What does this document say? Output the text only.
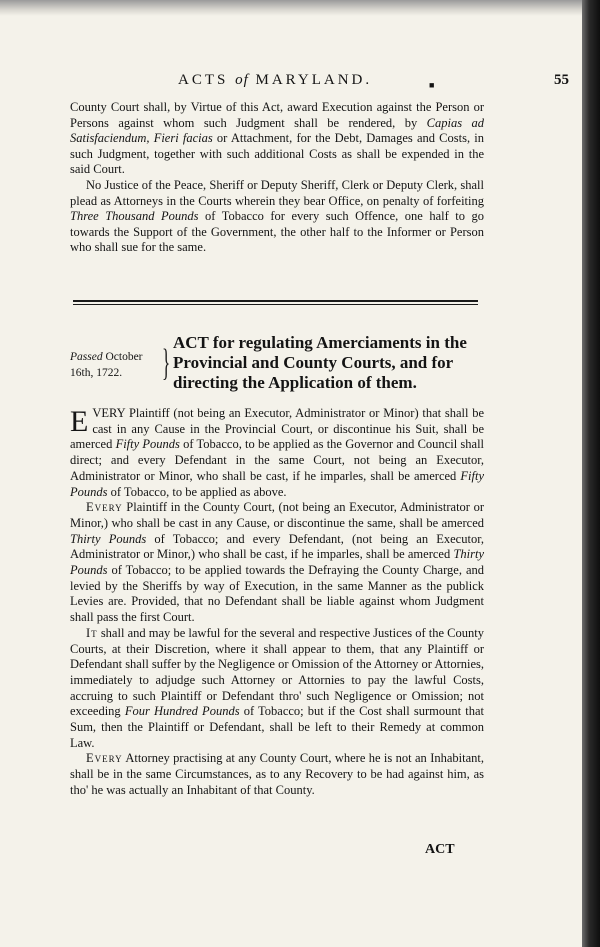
ACTS of MARYLAND.	■	55

County Court shall, by Virtue of this Act, award Execution against the Person or Persons against whom such Judgment shall be rendered, by Capias ad Satisfaciendum, Fieri facias or Attachment, for the Debt, Damages and Costs, in such Judgment, together with such additional Costs as shall be expended in the said Court.

No Justice of the Peace, Sheriff or Deputy Sheriff, Clerk or Deputy Clerk, shall plead as Attorneys in the Courts wherein they bear Office, on penalty of forfeiting Three Thousand Pounds of Tobacco for every such Offence, one half to go towards the Support of the Government, the other half to the Informer or Person who shall sue for the same.

Passed October 16th, 1722.	} ACT for regulating Amerciaments in the Provincial and County Courts, and for directing the Application of them.

EVERY Plaintiff (not being an Executor, Administrator or Minor) that shall be cast in any Cause in the Provincial Court, or discontinue his Suit, shall be amerced Fifty Pounds of Tobacco, to be applied as the Governor and Council shall direct; and every Defendant in the same Court, not being an Executor, Administrator or Minor, who shall be cast, if he imparles, shall be amerced Fifty Pounds of Tobacco, to be applied as above.

Every Plaintiff in the County Court, (not being an Executor, Administrator or Minor,) who shall be cast in any Cause, or discontinue the same, shall be amerced Thirty Pounds of Tobacco; and every Defendant, (not being an Executor, Administrator or Minor,) who shall be cast, if he imparles, shall be amerced Thirty Pounds of Tobacco; to be applied towards the Defraying the County Charge, and levied by the Sheriffs by way of Execution, in the same Manner as the publick Levies are. Provided, that no Defendant shall be liable against whom Judgment shall pass the first Court.

It shall and may be lawful for the several and respective Justices of the County Courts, at their Discretion, where it shall appear to them, that any Plaintiff or Defendant shall suffer by the Negligence or Omission of the Attorney or Attornies, immediately to adjudge such Attorney or Attornies to pay the lawful Costs, accruing to such Plaintiff or Defendant thro' such Negligence or Omission; not exceeding Four Hundred Pounds of Tobacco; but if the Cost shall surmount that Sum, then the Plaintiff or Defendant, shall be left to their Remedy at common Law.

Every Attorney practising at any County Court, where he is not an Inhabitant, shall be in the same Circumstances, as to any Recovery to be had against him, as tho' he was actually an Inhabitant of that County.

ACT
